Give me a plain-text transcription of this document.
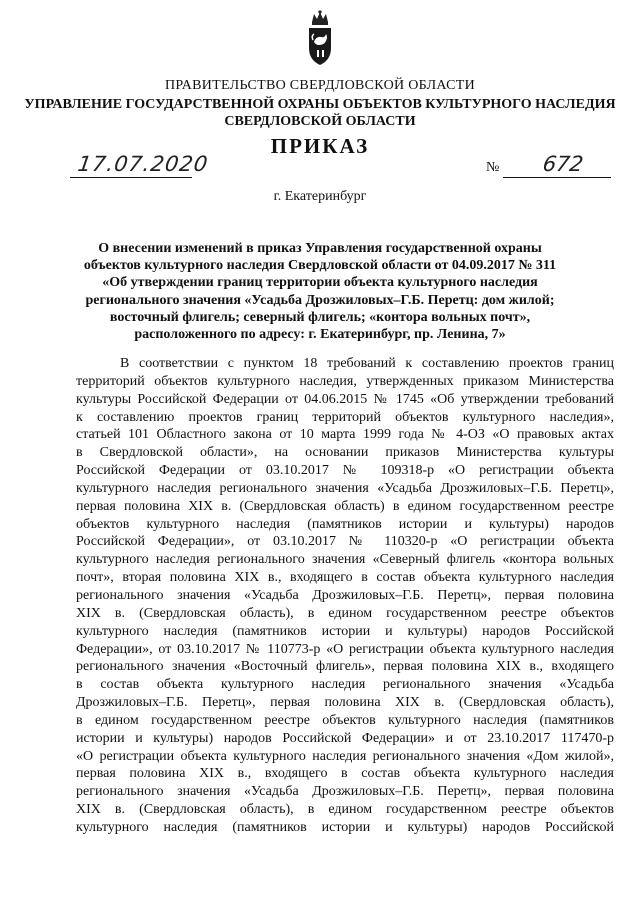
ПРАВИТЕЛЬСТВО СВЕРДЛОВСКОЙ ОБЛАСТИ
УПРАВЛЕНИЕ ГОСУДАРСТВЕННОЙ ОХРАНЫ ОБЪЕКТОВ КУЛЬТУРНОГО НАСЛЕДИЯ
СВЕРДЛОВСКОЙ ОБЛАСТИ
ПРИКАЗ
17.07.2020	№ 672
г. Екатеринбург
О внесении изменений в приказ Управления государственной охраны
объектов культурного наследия Свердловской области от 04.09.2017 № 311
«Об утверждении границ территории объекта культурного наследия
регионального значения «Усадьба Дрозжиловых–Г.Б. Перетц: дом жилой;
восточный флигель; северный флигель; «контора вольных почт»,
расположенного по адресу: г. Екатеринбург, пр. Ленина, 7»
В соответствии с пунктом 18 требований к составлению проектов границ
территорий объектов культурного наследия, утвержденных приказом Министерства
культуры Российской Федерации от 04.06.2015 № 1745 «Об утверждении требований
к составлению проектов границ территорий объектов культурного наследия»,
статьей 101 Областного закона от 10 марта 1999 года № 4-ОЗ «О правовых актах
в Свердловской области», на основании приказов Министерства культуры
Российской Федерации от 03.10.2017 № 109318-р «О регистрации объекта
культурного наследия регионального значения «Усадьба Дрозжиловых–Г.Б. Перетц»,
первая половина XIX в. (Свердловская область) в едином государственном реестре
объектов культурного наследия (памятников истории и культуры) народов
Российской Федерации», от 03.10.2017 № 110320-р «О регистрации объекта
культурного наследия регионального значения «Северный флигель «контора вольных
почт», вторая половина XIX в., входящего в состав объекта культурного наследия
регионального значения «Усадьба Дрозжиловых–Г.Б. Перетц», первая половина
XIX в. (Свердловская область), в едином государственном реестре объектов
культурного наследия (памятников истории и культуры) народов Российской
Федерации», от 03.10.2017 № 110773-р «О регистрации объекта культурного наследия
регионального значения «Восточный флигель», первая половина XIX в., входящего
в состав объекта культурного наследия регионального значения «Усадьба
Дрозжиловых–Г.Б. Перетц», первая половина XIX в. (Свердловская область),
в едином государственном реестре объектов культурного наследия (памятников
истории и культуры) народов Российской Федерации» и от 23.10.2017 117470-р
«О регистрации объекта культурного наследия регионального значения «Дом жилой»,
первая половина XIX в., входящего в состав объекта культурного наследия
регионального значения «Усадьба Дрозжиловых–Г.Б. Перетц», первая половина
XIX в. (Свердловская область), в едином государственном реестре объектов
культурного наследия (памятников истории и культуры) народов Российской
